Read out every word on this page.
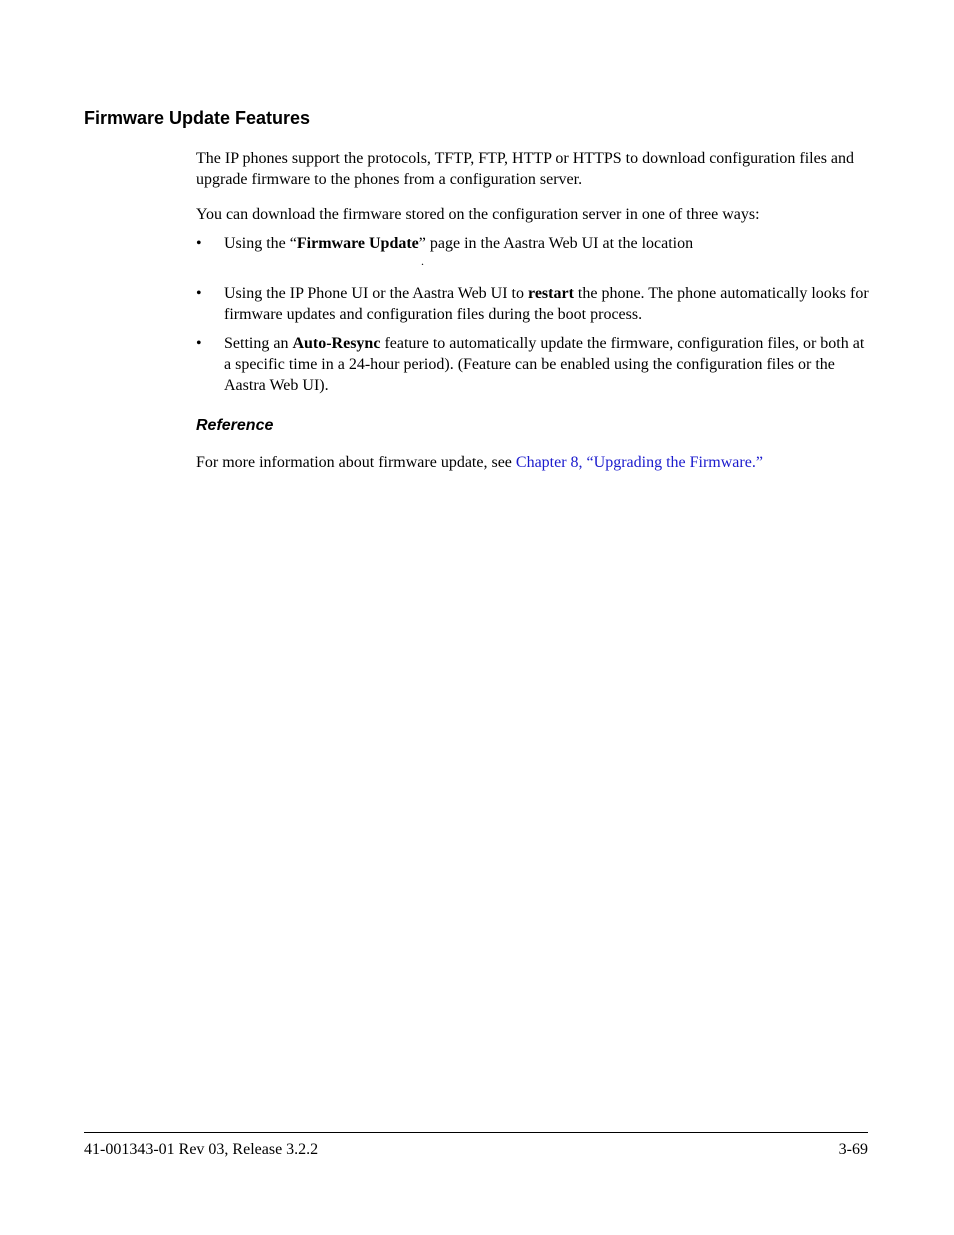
Firmware Update Features

The IP phones support the protocols, TFTP, FTP, HTTP or HTTPS to download configuration files and upgrade firmware to the phones from a configuration server.

You can download the firmware stored on the configuration server in one of three ways:

• Using the “Firmware Update” page in the Aastra Web UI at the location

.
• Using the IP Phone UI or the Aastra Web UI to restart the phone. The phone automatically looks for firmware updates and configuration files during the boot process.

• Setting an Auto-Resync feature to automatically update the firmware, configuration files, or both at a specific time in a 24-hour period). (Feature can be enabled using the configuration files or the Aastra Web UI).

Reference

For more information about firmware update, see Chapter 8, “Upgrading the Firmware.”

41-001343-01 Rev 03, Release 3.2.2	3-69
